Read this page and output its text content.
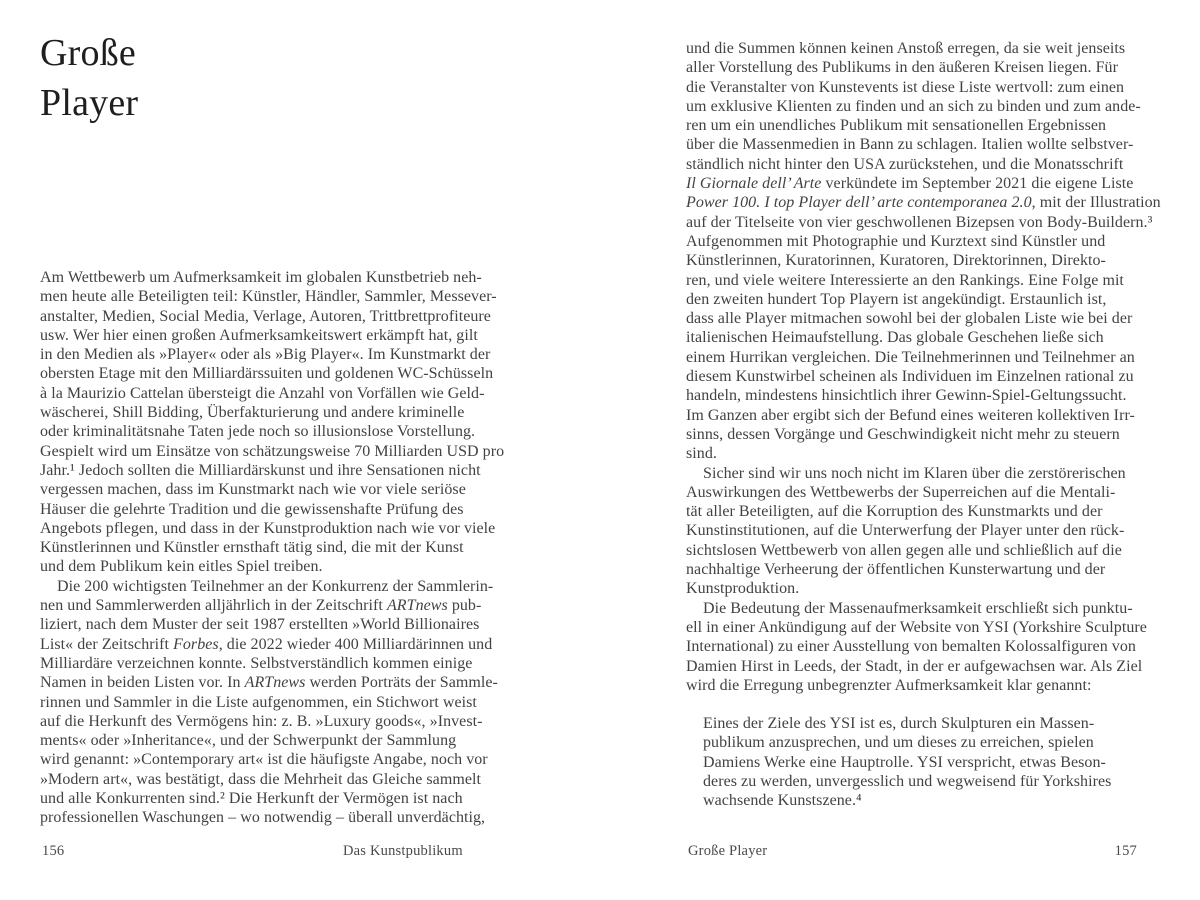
Große
Player

Am Wettbewerb um Aufmerksamkeit im globalen Kunstbetrieb neh-
men heute alle Beteiligten teil: Künstler, Händler, Sammler, Messever-
anstalter, Medien, Social Media, Verlage, Autoren, Trittbrettprofiteure
usw. Wer hier einen großen Aufmerksamkeitswert erkämpft hat, gilt
in den Medien als »Player« oder als »Big Player«. Im Kunstmarkt der
obersten Etage mit den Milliardärssuiten und goldenen WC-Schüsseln
à la Maurizio Cattelan übersteigt die Anzahl von Vorfällen wie Geld-
wäscherei, Shill Bidding, Überfakturierung und andere kriminelle
oder kriminalitätsnahe Taten jede noch so illusionslose Vorstellung.
Gespielt wird um Einsätze von schätzungsweise 70 Milliarden USD pro
Jahr.¹ Jedoch sollten die Milliardärskunst und ihre Sensationen nicht
vergessen machen, dass im Kunstmarkt nach wie vor viele seriöse
Häuser die gelehrte Tradition und die gewissenshafte Prüfung des
Angebots pflegen, und dass in der Kunstproduktion nach wie vor viele
Künstlerinnen und Künstler ernsthaft tätig sind, die mit der Kunst
und dem Publikum kein eitles Spiel treiben.

Die 200 wichtigsten Teilnehmer an der Konkurrenz der Sammlerin-
nen und Sammlerwerden alljährlich in der Zeitschrift ARTnews pub-
liziert, nach dem Muster der seit 1987 erstellten »World Billionaires
List« der Zeitschrift Forbes, die 2022 wieder 400 Milliardärinnen und
Milliardäre verzeichnen konnte. Selbstverständlich kommen einige
Namen in beiden Listen vor. In ARTnews werden Porträts der Sammle-
rinnen und Sammler in die Liste aufgenommen, ein Stichwort weist
auf die Herkunft des Vermögens hin: z. B. »Luxury goods«, »Invest-
ments« oder »Inheritance«, und der Schwerpunkt der Sammlung
wird genannt: »Contemporary art« ist die häufigste Angabe, noch vor
»Modern art«, was bestätigt, dass die Mehrheit das Gleiche sammelt
und alle Konkurrenten sind.² Die Herkunft der Vermögen ist nach
professionellen Waschungen – wo notwendig – überall unverdächtig,

156	Das Kunstpublikum

und die Summen können keinen Anstoß erregen, da sie weit jenseits
aller Vorstellung des Publikums in den äußeren Kreisen liegen. Für
die Veranstalter von Kunstevents ist diese Liste wertvoll: zum einen
um exklusive Klienten zu finden und an sich zu binden und zum ande-
ren um ein unendliches Publikum mit sensationellen Ergebnissen
über die Massenmedien in Bann zu schlagen. Italien wollte selbstver-
ständlich nicht hinter den USA zurückstehen, und die Monatsschrift
Il Giornale dell’ Arte verkündete im September 2021 die eigene Liste
Power 100. I top Player dell’ arte contemporanea 2.0, mit der Illustration
auf der Titelseite von vier geschwollenen Bizepsen von Body-Buildern.³
Aufgenommen mit Photographie und Kurztext sind Künstler und
Künstlerinnen, Kuratorinnen, Kuratoren, Direktorinnen, Direkto-
ren, und viele weitere Interessierte an den Rankings. Eine Folge mit
den zweiten hundert Top Playern ist angekündigt. Erstaunlich ist,
dass alle Player mitmachen sowohl bei der globalen Liste wie bei der
italienischen Heimaufstellung. Das globale Geschehen ließe sich
einem Hurrikan vergleichen. Die Teilnehmerinnen und Teilnehmer an
diesem Kunstwirbel scheinen als Individuen im Einzelnen rational zu
handeln, mindestens hinsichtlich ihrer Gewinn-Spiel-Geltungssucht.
Im Ganzen aber ergibt sich der Befund eines weiteren kollektiven Irr-
sinns, dessen Vorgänge und Geschwindigkeit nicht mehr zu steuern
sind.

Sicher sind wir uns noch nicht im Klaren über die zerstörerischen
Auswirkungen des Wettbewerbs der Superreichen auf die Mentali-
tät aller Beteiligten, auf die Korruption des Kunstmarkts und der
Kunstinstitutionen, auf die Unterwerfung der Player unter den rück-
sichtslosen Wettbewerb von allen gegen alle und schließlich auf die
nachhaltige Verheerung der öffentlichen Kunsterwartung und der
Kunstproduktion.

Die Bedeutung der Massenaufmerksamkeit erschließt sich punktu-
ell in einer Ankündigung auf der Website von YSI (Yorkshire Sculpture
International) zu einer Ausstellung von bemalten Kolossalfiguren von
Damien Hirst in Leeds, der Stadt, in der er aufgewachsen war. Als Ziel
wird die Erregung unbegrenzter Aufmerksamkeit klar genannt:

Eines der Ziele des YSI ist es, durch Skulpturen ein Massen-
publikum anzusprechen, und um dieses zu erreichen, spielen
Damiens Werke eine Hauptrolle. YSI verspricht, etwas Beson-
deres zu werden, unvergesslich und wegweisend für Yorkshires
wachsende Kunstszene.⁴
Große Player	157
